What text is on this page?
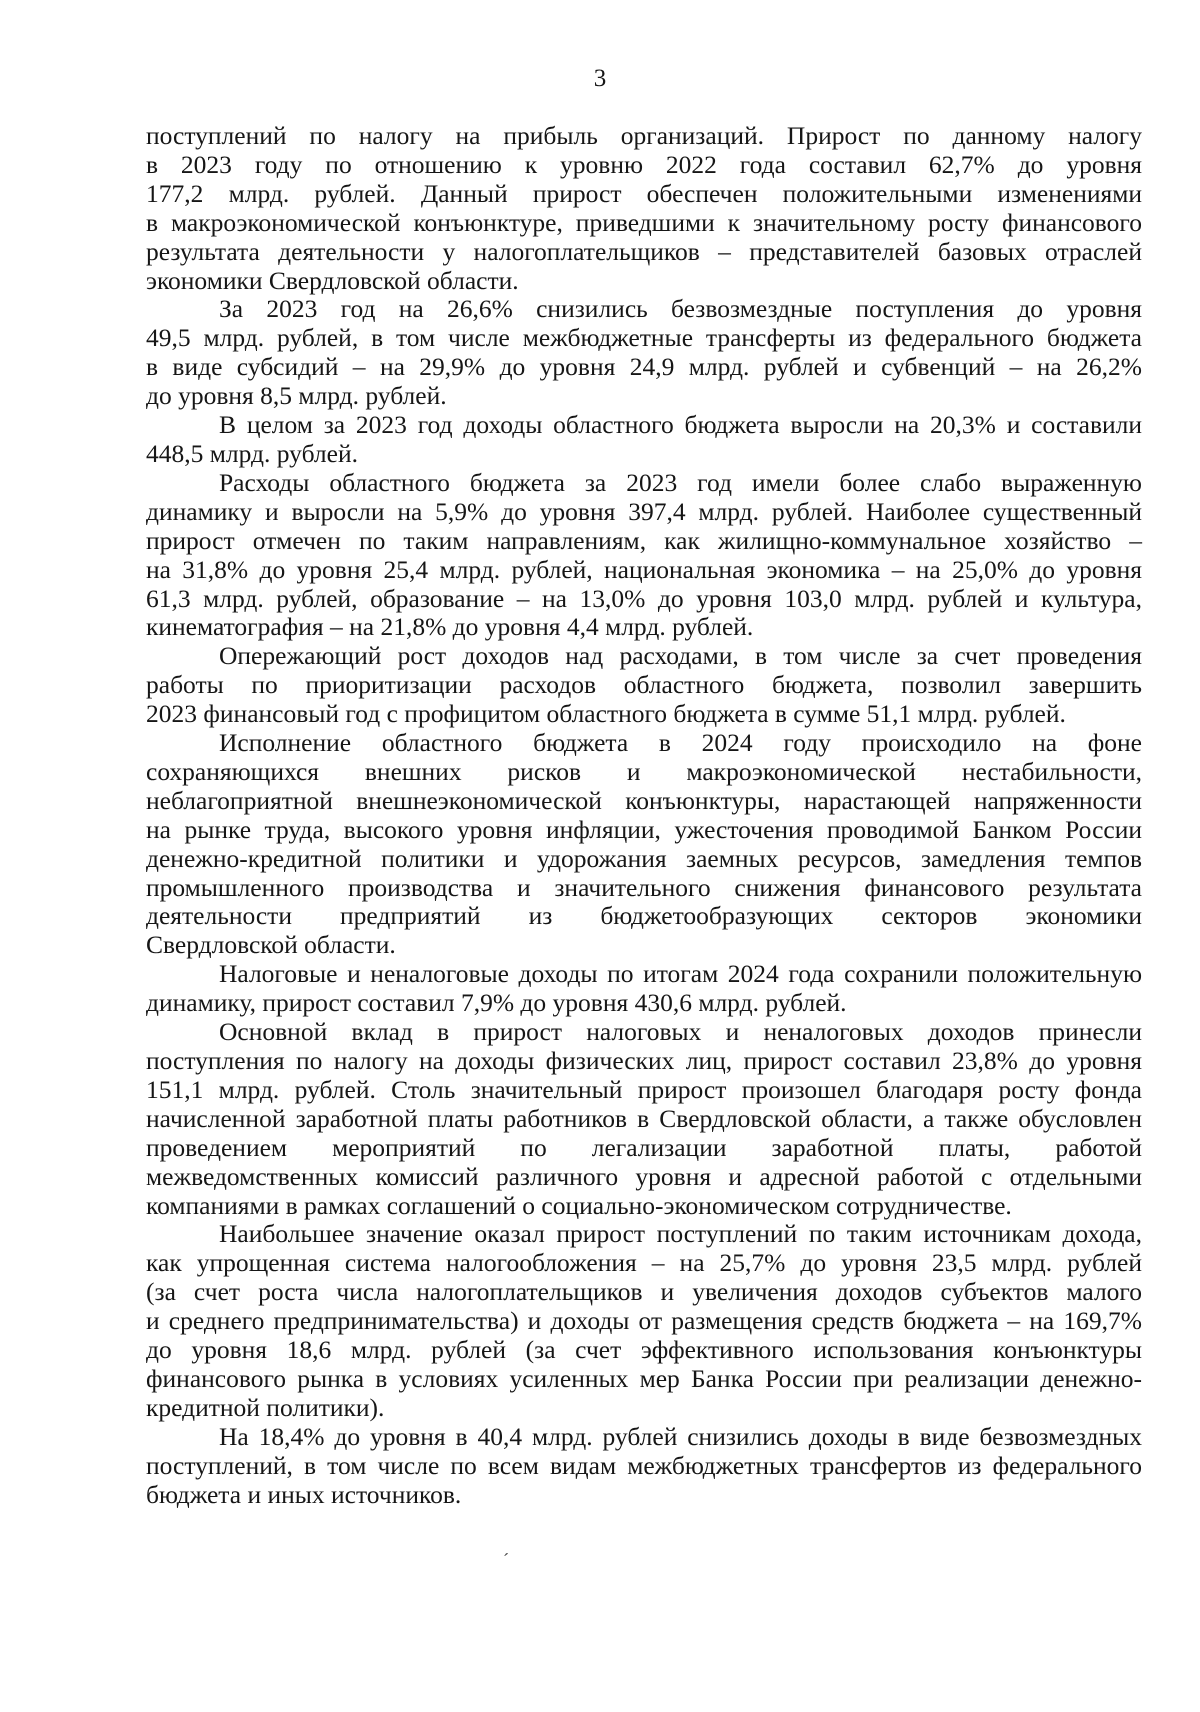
3

поступлений по налогу на прибыль организаций. Прирост по данному налогу
в 2023 году по отношению к уровню 2022 года составил 62,7% до уровня
177,2 млрд. рублей. Данный прирост обеспечен положительными изменениями
в макроэкономической конъюнктуре, приведшими к значительному росту финансового
результата деятельности у налогоплательщиков – представителей базовых отраслей
экономики Свердловской области.

За 2023 год на 26,6% снизились безвозмездные поступления до уровня
49,5 млрд. рублей, в том числе межбюджетные трансферты из федерального бюджета
в виде субсидий – на 29,9% до уровня 24,9 млрд. рублей и субвенций – на 26,2%
до уровня 8,5 млрд. рублей.

В целом за 2023 год доходы областного бюджета выросли на 20,3% и составили
448,5 млрд. рублей.

Расходы областного бюджета за 2023 год имели более слабо выраженную
динамику и выросли на 5,9% до уровня 397,4 млрд. рублей. Наиболее существенный
прирост отмечен по таким направлениям, как жилищно-коммунальное хозяйство –
на 31,8% до уровня 25,4 млрд. рублей, национальная экономика – на 25,0% до уровня
61,3 млрд. рублей, образование – на 13,0% до уровня 103,0 млрд. рублей и культура,
кинематография – на 21,8% до уровня 4,4 млрд. рублей.

Опережающий рост доходов над расходами, в том числе за счет проведения
работы по приоритизации расходов областного бюджета, позволил завершить
2023 финансовый год с профицитом областного бюджета в сумме 51,1 млрд. рублей.

Исполнение областного бюджета в 2024 году происходило на фоне
сохраняющихся внешних рисков и макроэкономической нестабильности,
неблагоприятной внешнеэкономической конъюнктуры, нарастающей напряженности
на рынке труда, высокого уровня инфляции, ужесточения проводимой Банком России
денежно-кредитной политики и удорожания заемных ресурсов, замедления темпов
промышленного производства и значительного снижения финансового результата
деятельности предприятий из бюджетообразующих секторов экономики
Свердловской области.

Налоговые и неналоговые доходы по итогам 2024 года сохранили положительную
динамику, прирост составил 7,9% до уровня 430,6 млрд. рублей.

Основной вклад в прирост налоговых и неналоговых доходов принесли
поступления по налогу на доходы физических лиц, прирост составил 23,8% до уровня
151,1 млрд. рублей. Столь значительный прирост произошел благодаря росту фонда
начисленной заработной платы работников в Свердловской области, а также обусловлен
проведением мероприятий по легализации заработной платы, работой
межведомственных комиссий различного уровня и адресной работой с отдельными
компаниями в рамках соглашений о социально-экономическом сотрудничестве.

Наибольшее значение оказал прирост поступлений по таким источникам дохода,
как упрощенная система налогообложения – на 25,7% до уровня 23,5 млрд. рублей
(за счет роста числа налогоплательщиков и увеличения доходов субъектов малого
и среднего предпринимательства) и доходы от размещения средств бюджета – на 169,7%
до уровня 18,6 млрд. рублей (за счет эффективного использования конъюнктуры
финансового рынка в условиях усиленных мер Банка России при реализации денежно-
кредитной политики).

На 18,4% до уровня в 40,4 млрд. рублей снизились доходы в виде безвозмездных
поступлений, в том числе по всем видам межбюджетных трансфертов из федерального
бюджета и иных источников.

ˊ
